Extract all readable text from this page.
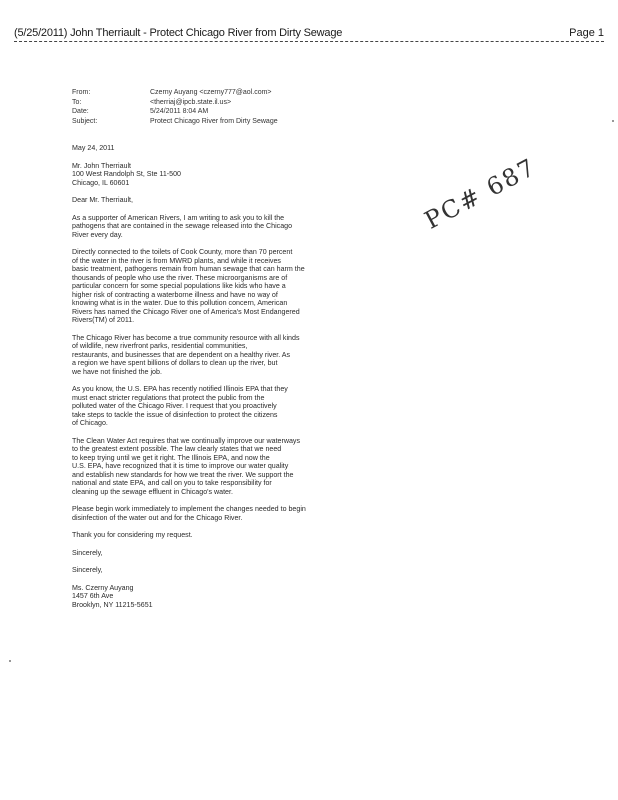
(5/25/2011) John Therriault - Protect Chicago River from Dirty Sewage	Page 1
From:	Czerny Auyang <czerny777@aol.com>
To:	<therriaj@ipcb.state.il.us>
Date:	5/24/2011 8:04 AM
Subject:	Protect Chicago River from Dirty Sewage
PC# 687

May 24, 2011

Mr. John Therriault
100 West Randolph St, Ste 11-500
Chicago, IL 60601

Dear Mr. Therriault,

As a supporter of American Rivers, I am writing to ask you to kill the
pathogens that are contained in the sewage released into the Chicago
River every day.

Directly connected to the toilets of Cook County, more than 70 percent
of the water in the river is from MWRD plants, and while it receives
basic treatment, pathogens remain from human sewage that can harm the
thousands of people who use the river. These microorganisms are of
particular concern for some special populations like kids who have a
higher risk of contracting a waterborne illness and have no way of
knowing what is in the water. Due to this pollution concern, American
Rivers has named the Chicago River one of America's Most Endangered
Rivers(TM) of 2011.

The Chicago River has become a true community resource with all kinds
of wildlife, new riverfront parks, residential communities,
restaurants, and businesses that are dependent on a healthy river. As
a region we have spent billions of dollars to clean up the river, but
we have not finished the job.

As you know, the U.S. EPA has recently notified Illinois EPA that they
must enact stricter regulations that protect the public from the
polluted water of the Chicago River. I request that you proactively
take steps to tackle the issue of disinfection to protect the citizens
of Chicago.

The Clean Water Act requires that we continually improve our waterways
to the greatest extent possible. The law clearly states that we need
to keep trying until we get it right. The Illinois EPA, and now the
U.S. EPA, have recognized that it is time to improve our water quality
and establish new standards for how we treat the river. We support the
national and state EPA, and call on you to take responsibility for
cleaning up the sewage effluent in Chicago's water.

Please begin work immediately to implement the changes needed to begin
disinfection of the water out and for the Chicago River.

Thank you for considering my request.

Sincerely,

Sincerely,

Ms. Czerny Auyang
1457 6th Ave
Brooklyn, NY 11215-5651
